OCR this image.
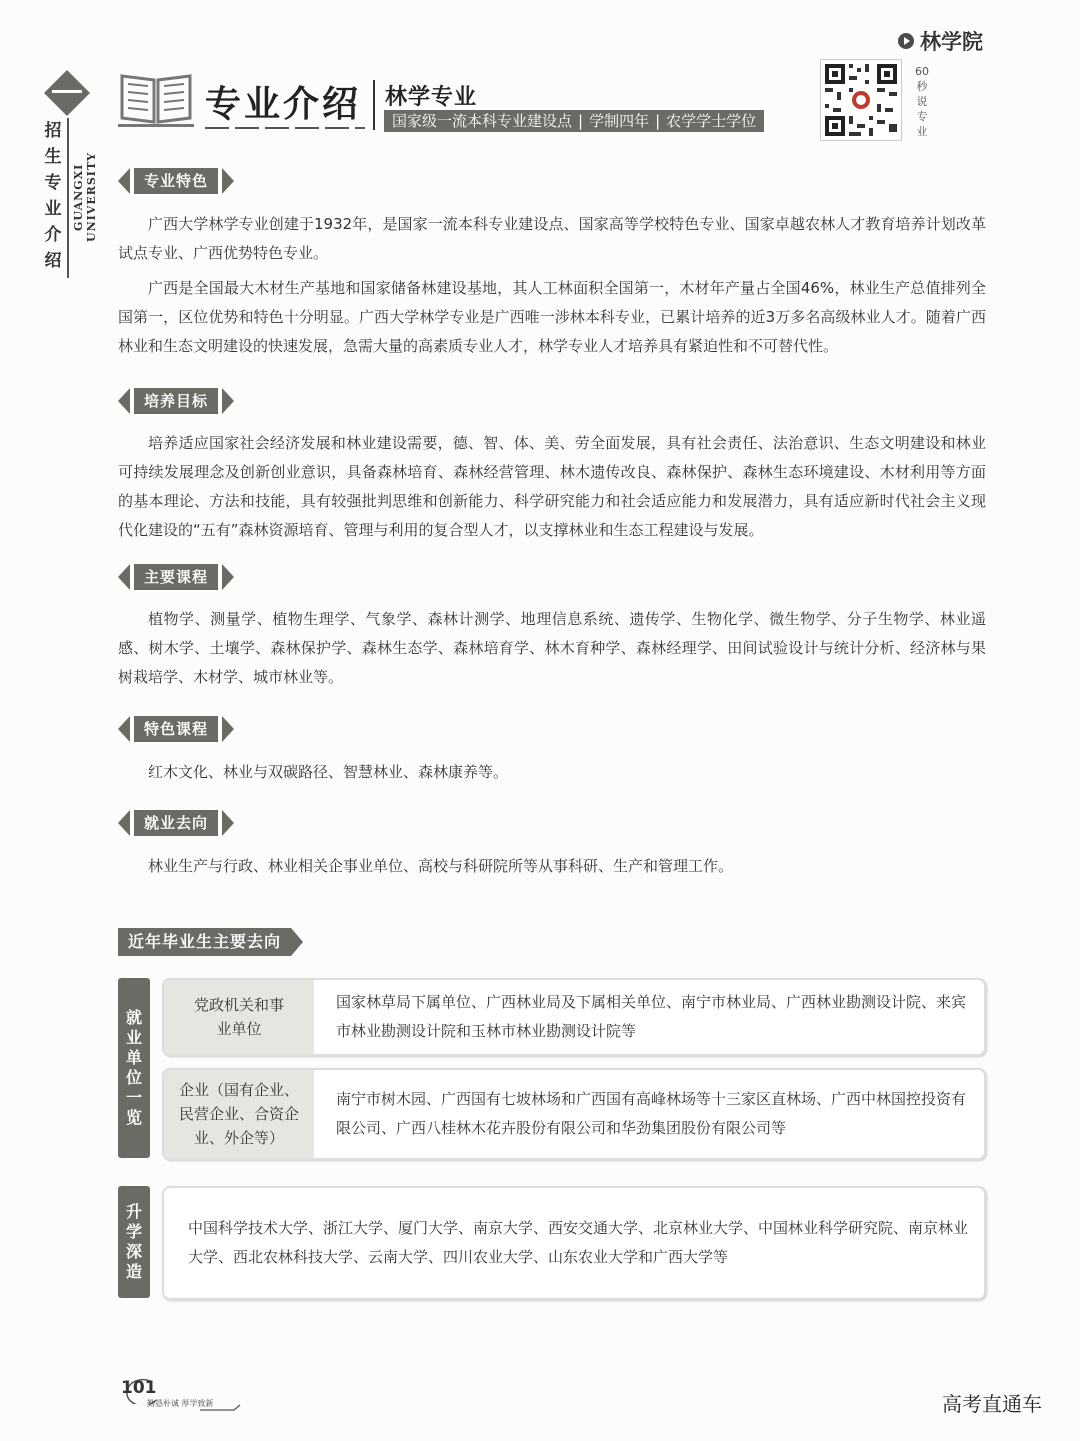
招
生
专
业
介
绍
GUANGXI UNIVERSITY
专业介绍 林学专业
国家级一流本科专业建设点 | 学制四年 | 农学学士学位
60秒说专业
林学院
专业特色

广西大学林学专业创建于1932年，是国家一流本科专业建设点、国家高等学校特色专业、国家卓越农林人才教育培养计划改革试点专业、广西优势特色专业。

广西是全国最大木材生产基地和国家储备林建设基地，其人工林面积全国第一，木材年产量占全国46%，林业生产总值排列全国第一，区位优势和特色十分明显。广西大学林学专业是广西唯一涉林本科专业，已累计培养的近3万多名高级林业人才。随着广西林业和生态文明建设的快速发展，急需大量的高素质专业人才，林学专业人才培养具有紧迫性和不可替代性。

培养目标

培养适应国家社会经济发展和林业建设需要，德、智、体、美、劳全面发展，具有社会责任、法治意识、生态文明建设和林业可持续发展理念及创新创业意识，具备森林培育、森林经营管理、林木遗传改良、森林保护、森林生态环境建设、木材利用等方面的基本理论、方法和技能，具有较强批判思维和创新能力、科学研究能力和社会适应能力和发展潜力，具有适应新时代社会主义现代化建设的“五有”森林资源培育、管理与利用的复合型人才，以支撑林业和生态工程建设与发展。

主要课程

植物学、测量学、植物生理学、气象学、森林计测学、地理信息系统、遗传学、生物化学、微生物学、分子生物学、林业遥感、树木学、土壤学、森林保护学、森林生态学、森林培育学、林木育种学、森林经理学、田间试验设计与统计分析、经济林与果树栽培学、木材学、城市林业等。

特色课程

红木文化、林业与双碳路径、智慧林业、森林康养等。

就业去向

林业生产与行政、林业相关企事业单位、高校与科研院所等从事科研、生产和管理工作。

近年毕业生主要去向
就
业
单
位
一
览
党政机关和事业单位
国家林草局下属单位、广西林业局及下属相关单位、南宁市林业局、广西林业勘测设计院、来宾市林业勘测设计院和玉林市林业勘测设计院等
企业（国有企业、民营企业、合资企业、外企等）
南宁市树木园、广西国有七坡林场和广西国有高峰林场等十三家区直林场、广西中林国控投资有限公司、广西八桂林木花卉股份有限公司和华劲集团股份有限公司等
升
学
深
造
中国科学技术大学、浙江大学、厦门大学、南京大学、西安交通大学、北京林业大学、中国林业科学研究院、南京林业大学、西北农林科技大学、云南大学、四川农业大学、山东农业大学和广西大学等
101
勤恳朴诚 厚学致新	高考直通车
